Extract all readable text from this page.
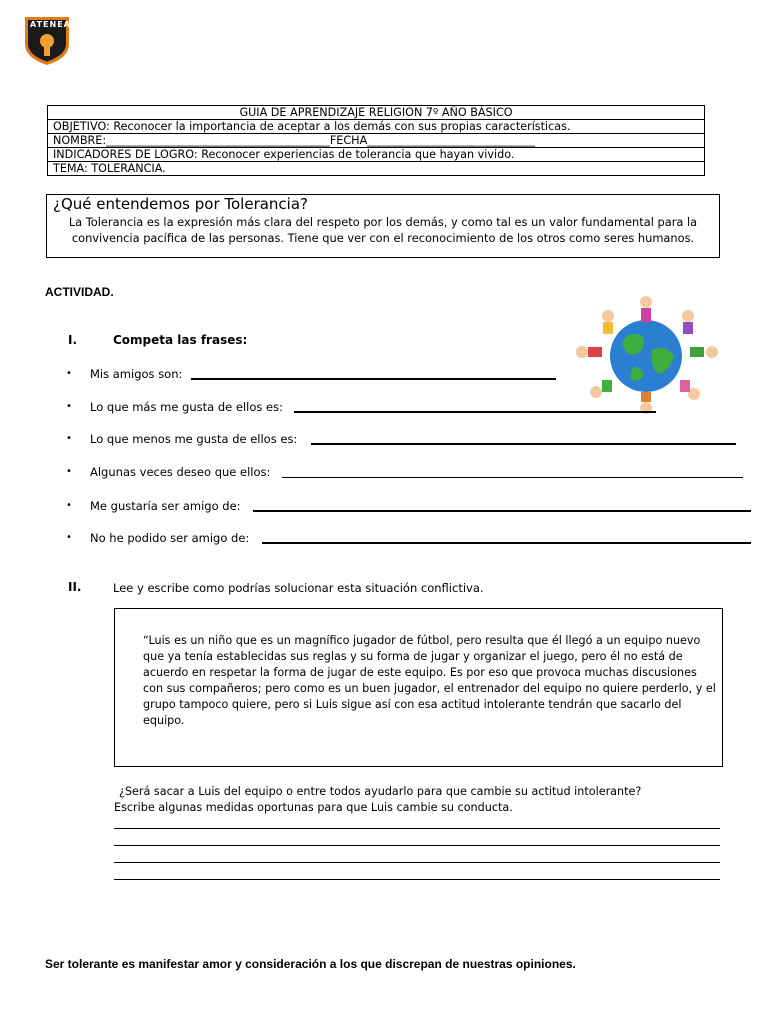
ATENEA
GUIA DE APRENDIZAJE RELIGIÓN 7º AÑO BÁSICO
OBJETIVO: Reconocer la importancia de aceptar a los demás con sus propias características.
NOMBRE:________________________________________FECHA______________________________
INDICADORES DE LOGRO: Reconocer experiencias de tolerancia que hayan vivido.
TEMA: TOLERANCIA.
¿Qué entendemos por Tolerancia?
La Tolerancia es la expresión más clara del respeto por los demás, y como tal es un valor fundamental para la convivencia pacífica de las personas. Tiene que ver con el reconocimiento de los otros como seres humanos.
ACTIVIDAD.
I.	Competa las frases:
• Mis amigos son:
• Lo que más me gusta de ellos es:
• Lo que menos me gusta de ellos es:
• Algunas veces deseo que ellos:
• Me gustaría ser amigo de:
• No he podido ser amigo de:
II.	Lee y escribe como podrías solucionar esta situación conflictiva.
“Luis es un niño que es un magnífico jugador de fútbol, pero resulta que él llegó a un equipo nuevo que ya tenía establecidas sus reglas y su forma de jugar y organizar el juego, pero él no está de acuerdo en respetar la forma de jugar de este equipo. Es por eso que provoca muchas discusiones con sus compañeros; pero como es un buen jugador, el entrenador del equipo no quiere perderlo, y el grupo tampoco quiere, pero si Luis sigue así con esa actitud intolerante tendrán que sacarlo del equipo.
¿Será sacar a Luis del equipo o entre todos ayudarlo para que cambie su actitud intolerante?
Escribe algunas medidas oportunas para que Luis cambie su conducta.
Ser tolerante es manifestar amor y consideración a los que discrepan de nuestras opiniones.
